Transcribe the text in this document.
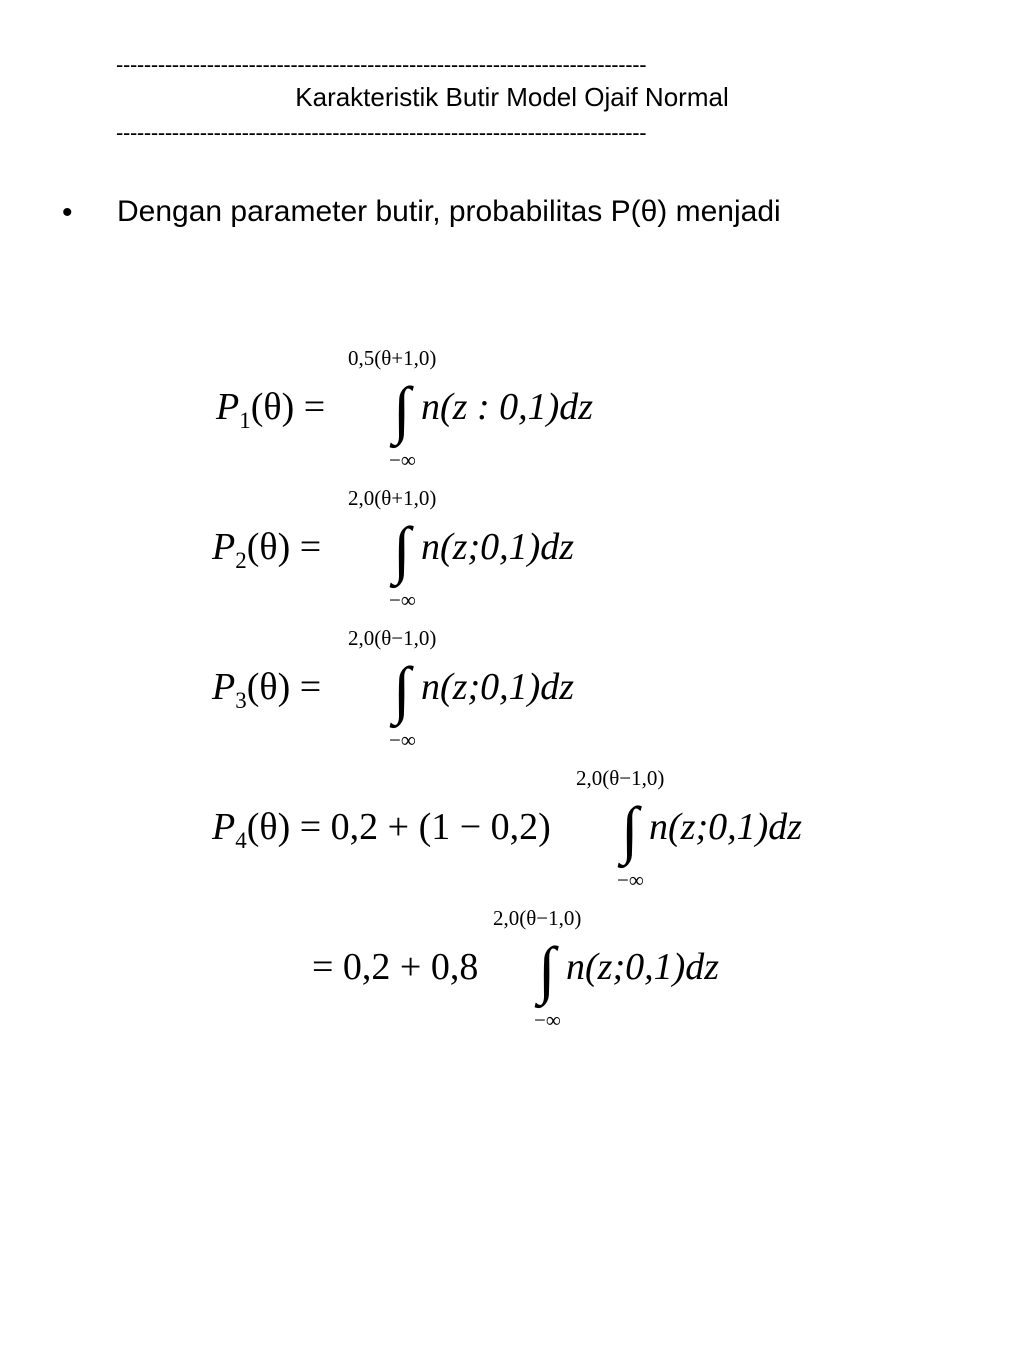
----------------------------------------------------------------------------
Karakteristik Butir Model Ojaif Normal
----------------------------------------------------------------------------
• Dengan parameter butir, probabilitas P(θ) menjadi
$P_1(\theta)$ =
0,5(θ+1,0)
∫
−∞
n(z : 0,1)dz
$P_2(\theta)$ =
2,0(θ+1,0)
∫
−∞
n(z;0,1)dz
$P_3(\theta)$ =
2,0(θ−1,0)
∫
−∞
n(z;0,1)dz
$P_4(\theta) = 0,2 + (1 - 0,2)$
2,0(θ−1,0)
∫
−∞
n(z;0,1)dz
= 0,2 + 0,8
2,0(θ−1,0)
∫
−∞
n(z;0,1)dz
